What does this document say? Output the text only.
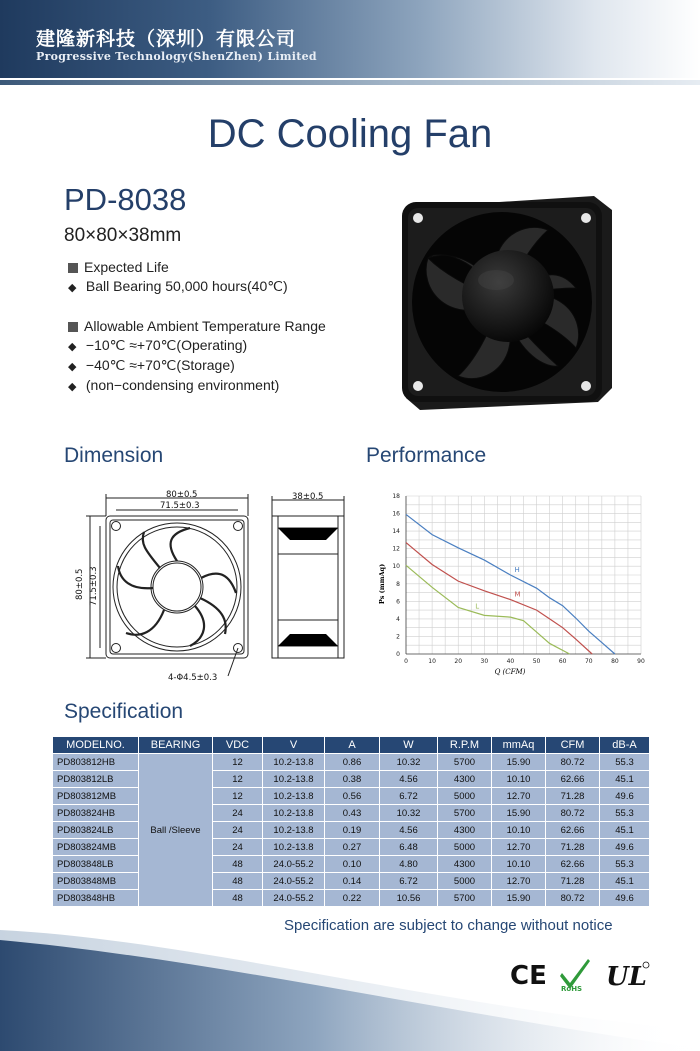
建隆新科技（深圳）有限公司
Progressive Technology(ShenZhen) Limited
DC Cooling Fan
PD-8038
80×80×38mm
Expected Life
◆ Ball Bearing 50,000 hours(40℃)
Allowable Ambient Temperature Range
◆ −10℃ ≈+70℃(Operating)
◆ −40℃ ≈+70℃(Storage)
◆ (non−condensing environment)
Dimension	Performance
80±0.5
71.5±0.3
38±0.5
4-Φ4.5±0.3
80±0.5 71.5±0.3
0	10	20	30	40	50	60	70	80	90
0
2
4
6
8
10
12
14
16
18
H
M
L
Q (CFM)
Ps (mmAq)
Specification
MODELNO.	BEARING	VDC	V	A	W	R.P.M	mmAq	CFM	dB-A
PD803812HB	Ball /Sleeve	12	10.2-13.8	0.86	10.32	5700	15.90	80.72	55.3
PD803812LB		12	10.2-13.8	0.38	4.56	4300	10.10	62.66	45.1
PD803812MB		12	10.2-13.8	0.56	6.72	5000	12.70	71.28	49.6
PD803824HB		24	10.2-13.8	0.43	10.32	5700	15.90	80.72	55.3
PD803824LB		24	10.2-13.8	0.19	4.56	4300	10.10	62.66	45.1
PD803824MB		24	10.2-13.8	0.27	6.48	5000	12.70	71.28	49.6
PD803848LB		48	24.0-55.2	0.10	4.80	4300	10.10	62.66	55.3
PD803848MB		48	24.0-55.2	0.14	6.72	5000	12.70	71.28	45.1
PD803848HB		48	24.0-55.2	0.22	10.56	5700	15.90	80.72	49.6
Specification are subject to change without notice
CE RoHS UL
